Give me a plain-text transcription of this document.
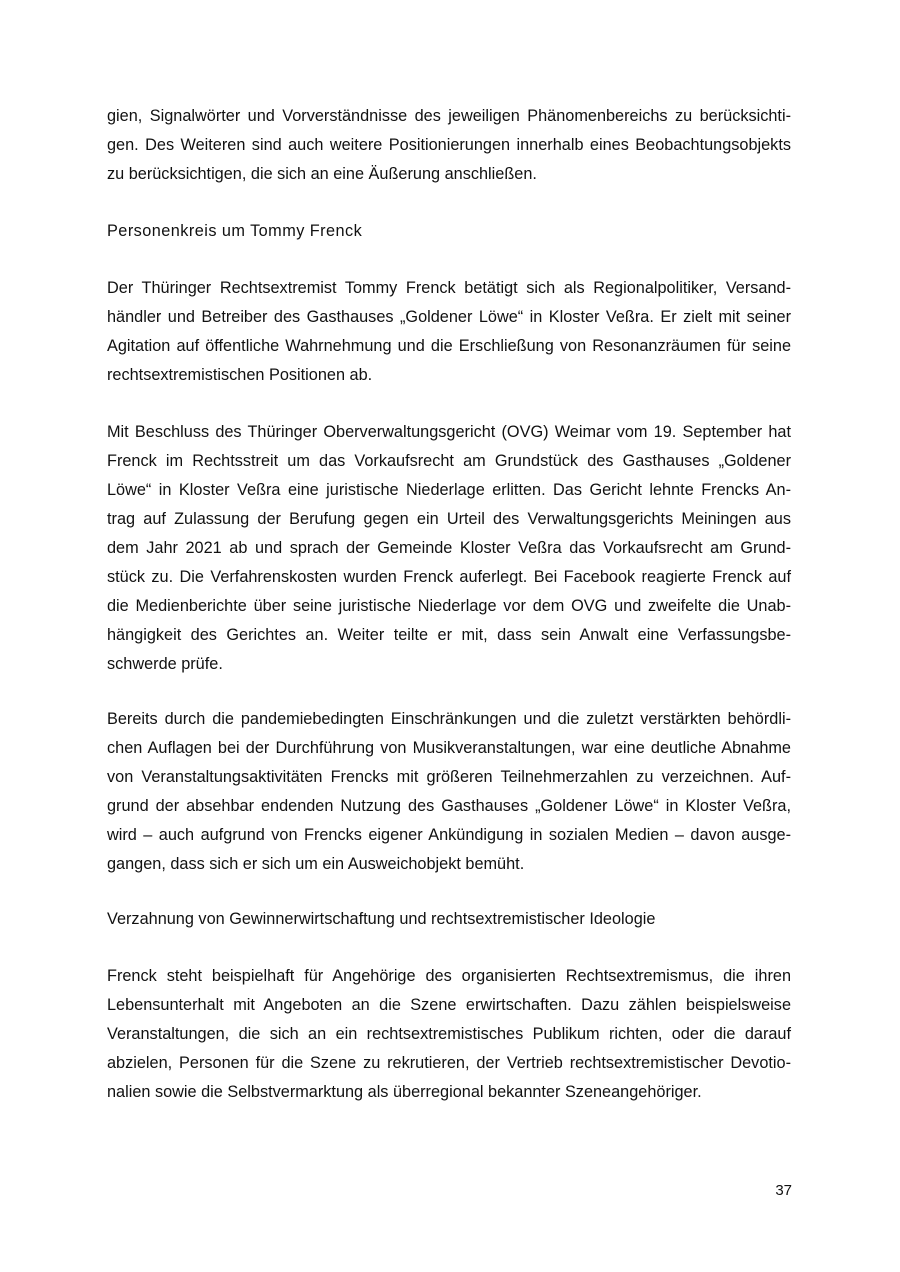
gien, Signalwörter und Vorverständnisse des jeweiligen Phänomenbereichs zu berücksichti-
gen. Des Weiteren sind auch weitere Positionierungen innerhalb eines Beobachtungsobjekts
zu berücksichtigen, die sich an eine Äußerung anschließen.
Personenkreis um Tommy Frenck
Der Thüringer Rechtsextremist Tommy Frenck betätigt sich als Regionalpolitiker, Versand-
händler und Betreiber des Gasthauses „Goldener Löwe“ in Kloster Veßra. Er zielt mit seiner
Agitation auf öffentliche Wahrnehmung und die Erschließung von Resonanzräumen für seine
rechtsextremistischen Positionen ab.
Mit Beschluss des Thüringer Oberverwaltungsgericht (OVG) Weimar vom 19. September hat
Frenck im Rechtsstreit um das Vorkaufsrecht am Grundstück des Gasthauses „Goldener
Löwe“ in Kloster Veßra eine juristische Niederlage erlitten. Das Gericht lehnte Frencks An-
trag auf Zulassung der Berufung gegen ein Urteil des Verwaltungsgerichts Meiningen aus
dem Jahr 2021 ab und sprach der Gemeinde Kloster Veßra das Vorkaufsrecht am Grund-
stück zu. Die Verfahrenskosten wurden Frenck auferlegt. Bei Facebook reagierte Frenck auf
die Medienberichte über seine juristische Niederlage vor dem OVG und zweifelte die Unab-
hängigkeit des Gerichtes an. Weiter teilte er mit, dass sein Anwalt eine Verfassungsbe-
schwerde prüfe.
Bereits durch die pandemiebedingten Einschränkungen und die zuletzt verstärkten behördli-
chen Auflagen bei der Durchführung von Musikveranstaltungen, war eine deutliche Abnahme
von Veranstaltungsaktivitäten Frencks mit größeren Teilnehmerzahlen zu verzeichnen. Auf-
grund der absehbar endenden Nutzung des Gasthauses „Goldener Löwe“ in Kloster Veßra,
wird – auch aufgrund von Frencks eigener Ankündigung in sozialen Medien – davon ausge-
gangen, dass sich er sich um ein Ausweichobjekt bemüht.
Verzahnung von Gewinnerwirtschaftung und rechtsextremistischer Ideologie
Frenck steht beispielhaft für Angehörige des organisierten Rechtsextremismus, die ihren
Lebensunterhalt mit Angeboten an die Szene erwirtschaften. Dazu zählen beispielsweise
Veranstaltungen, die sich an ein rechtsextremistisches Publikum richten, oder die darauf
abzielen, Personen für die Szene zu rekrutieren, der Vertrieb rechtsextremistischer Devotio-
nalien sowie die Selbstvermarktung als überregional bekannter Szeneangehöriger.
37
